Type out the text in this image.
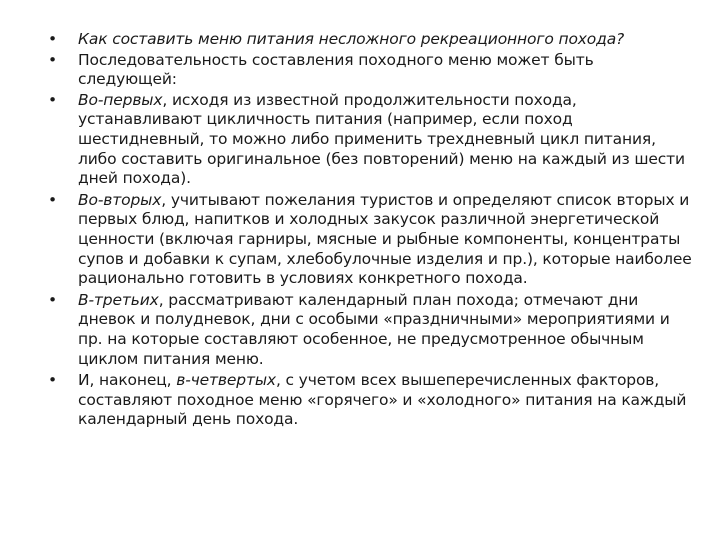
•	Как составить меню питания несложного рекреационного похода?
•	Последовательность составления походного меню может быть следующей:
•	Во-первых, исходя из известной продолжительности похода, устанавливают цикличность питания (например, если поход шестидневный, то можно либо применить трехдневный цикл питания, либо составить оригинальное (без повторений) меню на каждый из шести дней похода).
•	Во-вторых, учитывают пожелания туристов и определяют список вторых и первых блюд, напитков и холодных закусок различной энергетической ценности (включая гарниры, мясные и рыбные компоненты, концентраты супов и добавки к супам, хлебобулочные изделия и пр.), которые наиболее рационально готовить в условиях конкретного похода.
•	В-третьих, рассматривают календарный план похода; отмечают дни дневок и полудневок, дни с особыми «праздничными» мероприятиями и пр. на которые составляют особенное, не предусмотренное обычным циклом питания меню.
•	И, наконец, в-четвертых, с учетом всех вышеперечисленных факторов, составляют походное меню «горячего» и «холодного» питания на каждый календарный день похода.
